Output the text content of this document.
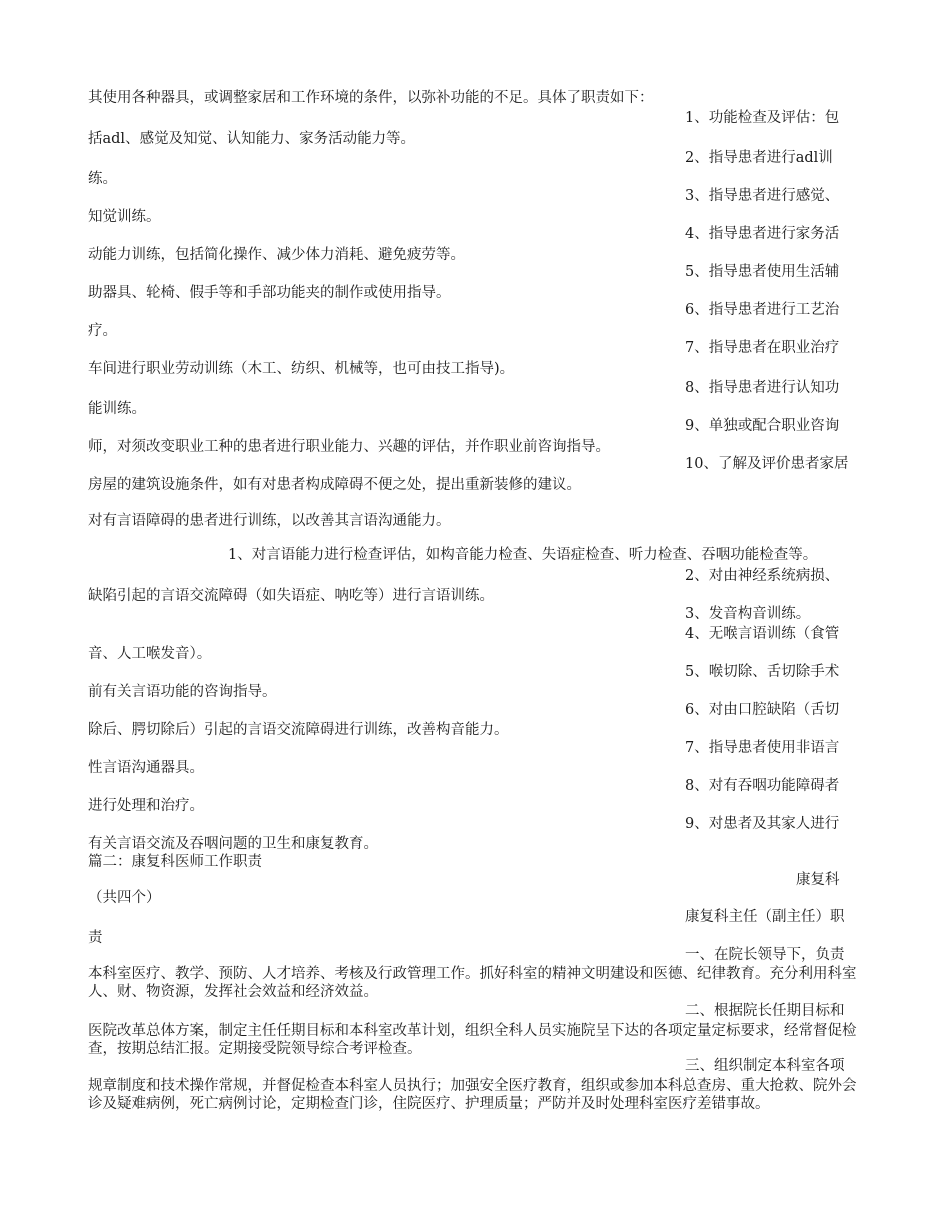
其使用各种器具，或调整家居和工作环境的条件，以弥补功能的不足。具体了职责如下：
1、功能检查及评估：包
括adl、感觉及知觉、认知能力、家务活动能力等。
2、指导患者进行adl训
练。
3、指导患者进行感觉、
知觉训练。
4、指导患者进行家务活
动能力训练，包括简化操作、减少体力消耗、避免疲劳等。
5、指导患者使用生活辅
助器具、轮椅、假手等和手部功能夹的制作或使用指导。
6、指导患者进行工艺治
疗。
7、指导患者在职业治疗
车间进行职业劳动训练（木工、纺织、机械等，也可由技工指导)。
8、指导患者进行认知功
能训练。
9、单独或配合职业咨询
师，对须改变职业工种的患者进行职业能力、兴趣的评估，并作职业前咨询指导。
10、了解及评价患者家居
房屋的建筑设施条件，如有对患者构成障碍不便之处，提出重新装修的建议。
对有言语障碍的患者进行训练，以改善其言语沟通能力。
1、对言语能力进行检查评估，如构音能力检查、失语症检查、听力检查、吞咽功能检查等。
2、对由神经系统病损、
缺陷引起的言语交流障碍（如失语症、呐吃等）进行言语训练。
3、发音构音训练。
4、无喉言语训练（食管
音、人工喉发音）。
5、喉切除、舌切除手术
前有关言语功能的咨询指导。
6、对由口腔缺陷（舌切
除后、腭切除后）引起的言语交流障碍进行训练，改善构音能力。
7、指导患者使用非语言
性言语沟通器具。
8、对有吞咽功能障碍者
进行处理和治疗。
9、对患者及其家人进行
有关言语交流及吞咽问题的卫生和康复教育。
篇二：康复科医师工作职责
康复科
（共四个）
康复科主任（副主任）职
责
一、在院长领导下，负责
本科室医疗、教学、预防、人才培养、考核及行政管理工作。抓好科室的精神文明建设和医德、纪律教育。充分利用科室人、财、物资源，发挥社会效益和经济效益。
二、根据院长任期目标和
医院改革总体方案，制定主任任期目标和本科室改革计划，组织全科人员实施院呈下达的各项定量定标要求，经常督促检查，按期总结汇报。定期接受院领导综合考评检查。
三、组织制定本科室各项
规章制度和技术操作常规，并督促检查本科室人员执行；加强安全医疗教育，组织或参加本科总查房、重大抢救、院外会诊及疑难病例，死亡病例讨论，定期检查门诊，住院医疗、护理质量；严防并及时处理科室医疗差错事故。
